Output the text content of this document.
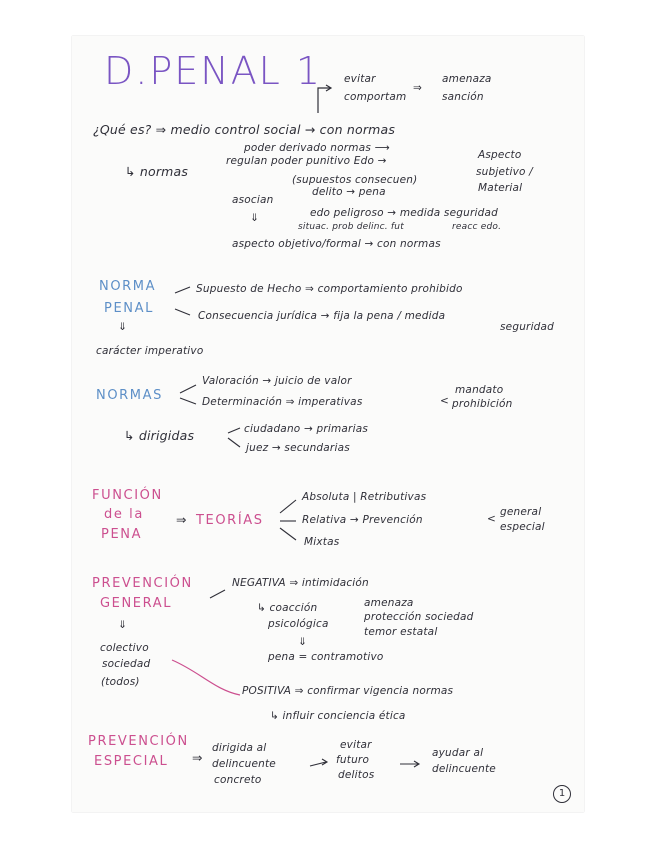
D.PENAL 1 evitar
comportam
⇒
amenaza
sanción
¿Qué es? ⇒ medio control social → con normas
poder derivado normas ⟶
↳ normas
regulan poder punitivo Edo →
(supuestos consecuen)
Aspecto
subjetivo /
Material
asocian
delito → pena
⇓	edo peligroso → medida seguridad
situac. prob delinc. fut	reacc edo.
aspecto objetivo/formal → con normas
NORMA
PENAL
⇓
Supuesto de Hecho ⇒ comportamiento prohibido
Consecuencia jurídica → fija la pena / medida
seguridad
carácter imperativo
NORMAS
Valoración → juicio de valor
Determinación ⇒ imperativas	<
mandato
prohibición
↳ dirigidas	ciudadano → primarias
juez → secundarias
FUNCIÓN
de la
PENA
⇒ TEORÍAS
Absoluta | Retributivas
Relativa → Prevención	<
general
especial
Mixtas
PREVENCIÓN
GENERAL
⇓
colectivo
sociedad
(todos)
NEGATIVA ⇒ intimidación
↳ coacción
psicológica
amenaza
protección sociedad
temor estatal
⇓
pena = contramotivo
POSITIVA ⇒ confirmar vigencia normas
↳ influir conciencia ética
PREVENCIÓN
ESPECIAL ⇒
dirigida al
delincuente
concreto
evitar
futuro
delitos
ayudar al
delincuente
1
